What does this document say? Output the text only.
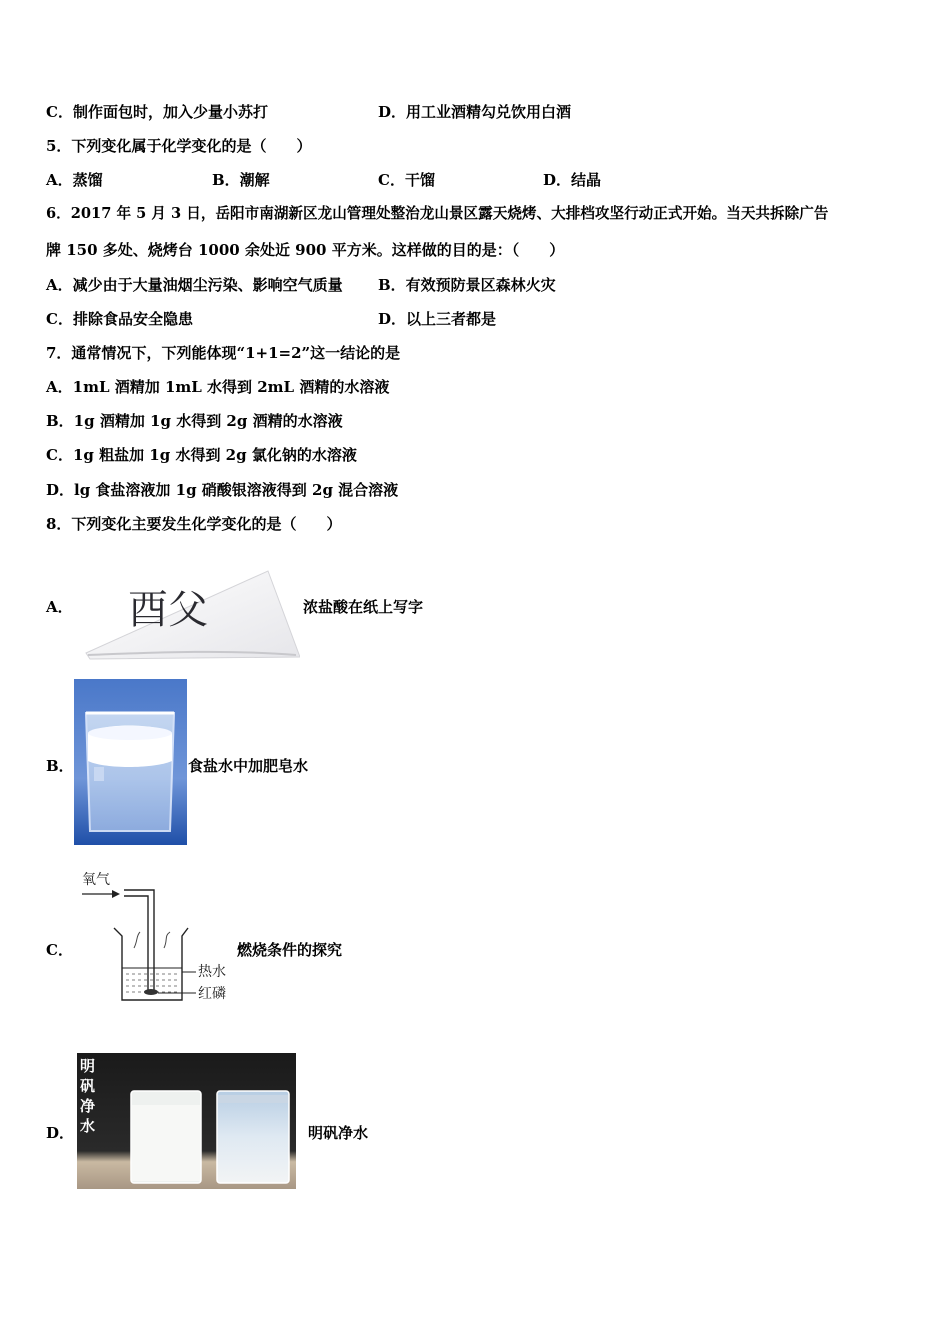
C．制作面包时，加入少量小苏打	D．用工业酒精勾兑饮用白酒
5．下列变化属于化学变化的是（　　）
A．蒸馏	B．潮解	C．干馏	D．结晶
6．2017 年 5 月 3 日，岳阳市南湖新区龙山管理处整治龙山景区露天烧烤、大排档攻坚行动正式开始。当天共拆除广告
牌 150 多处、烧烤台 1000 余处近 900 平方米。这样做的目的是：（　　）
A．减少由于大量油烟尘污染、影响空气质量 B．有效预防景区森林火灾
C．排除食品安全隐患	D．以上三者都是
7．通常情况下，下列能体现“1+1=2”这一结论的是
A．1mL 酒精加 1mL 水得到 2mL 酒精的水溶液
B．1g 酒精加 1g 水得到 2g 酒精的水溶液
C．1g 粗盐加 1g 水得到 2g 氯化钠的水溶液
D．lg 食盐溶液加 1g 硝酸银溶液得到 2g 混合溶液
8．下列变化主要发生化学变化的是（　　）
A． 酉父	浓盐酸在纸上写字
B．	食盐水中加肥皂水
C．
氧气
热水
红磷
燃烧条件的探究
D．
明
矾
净
水	明矾净水
